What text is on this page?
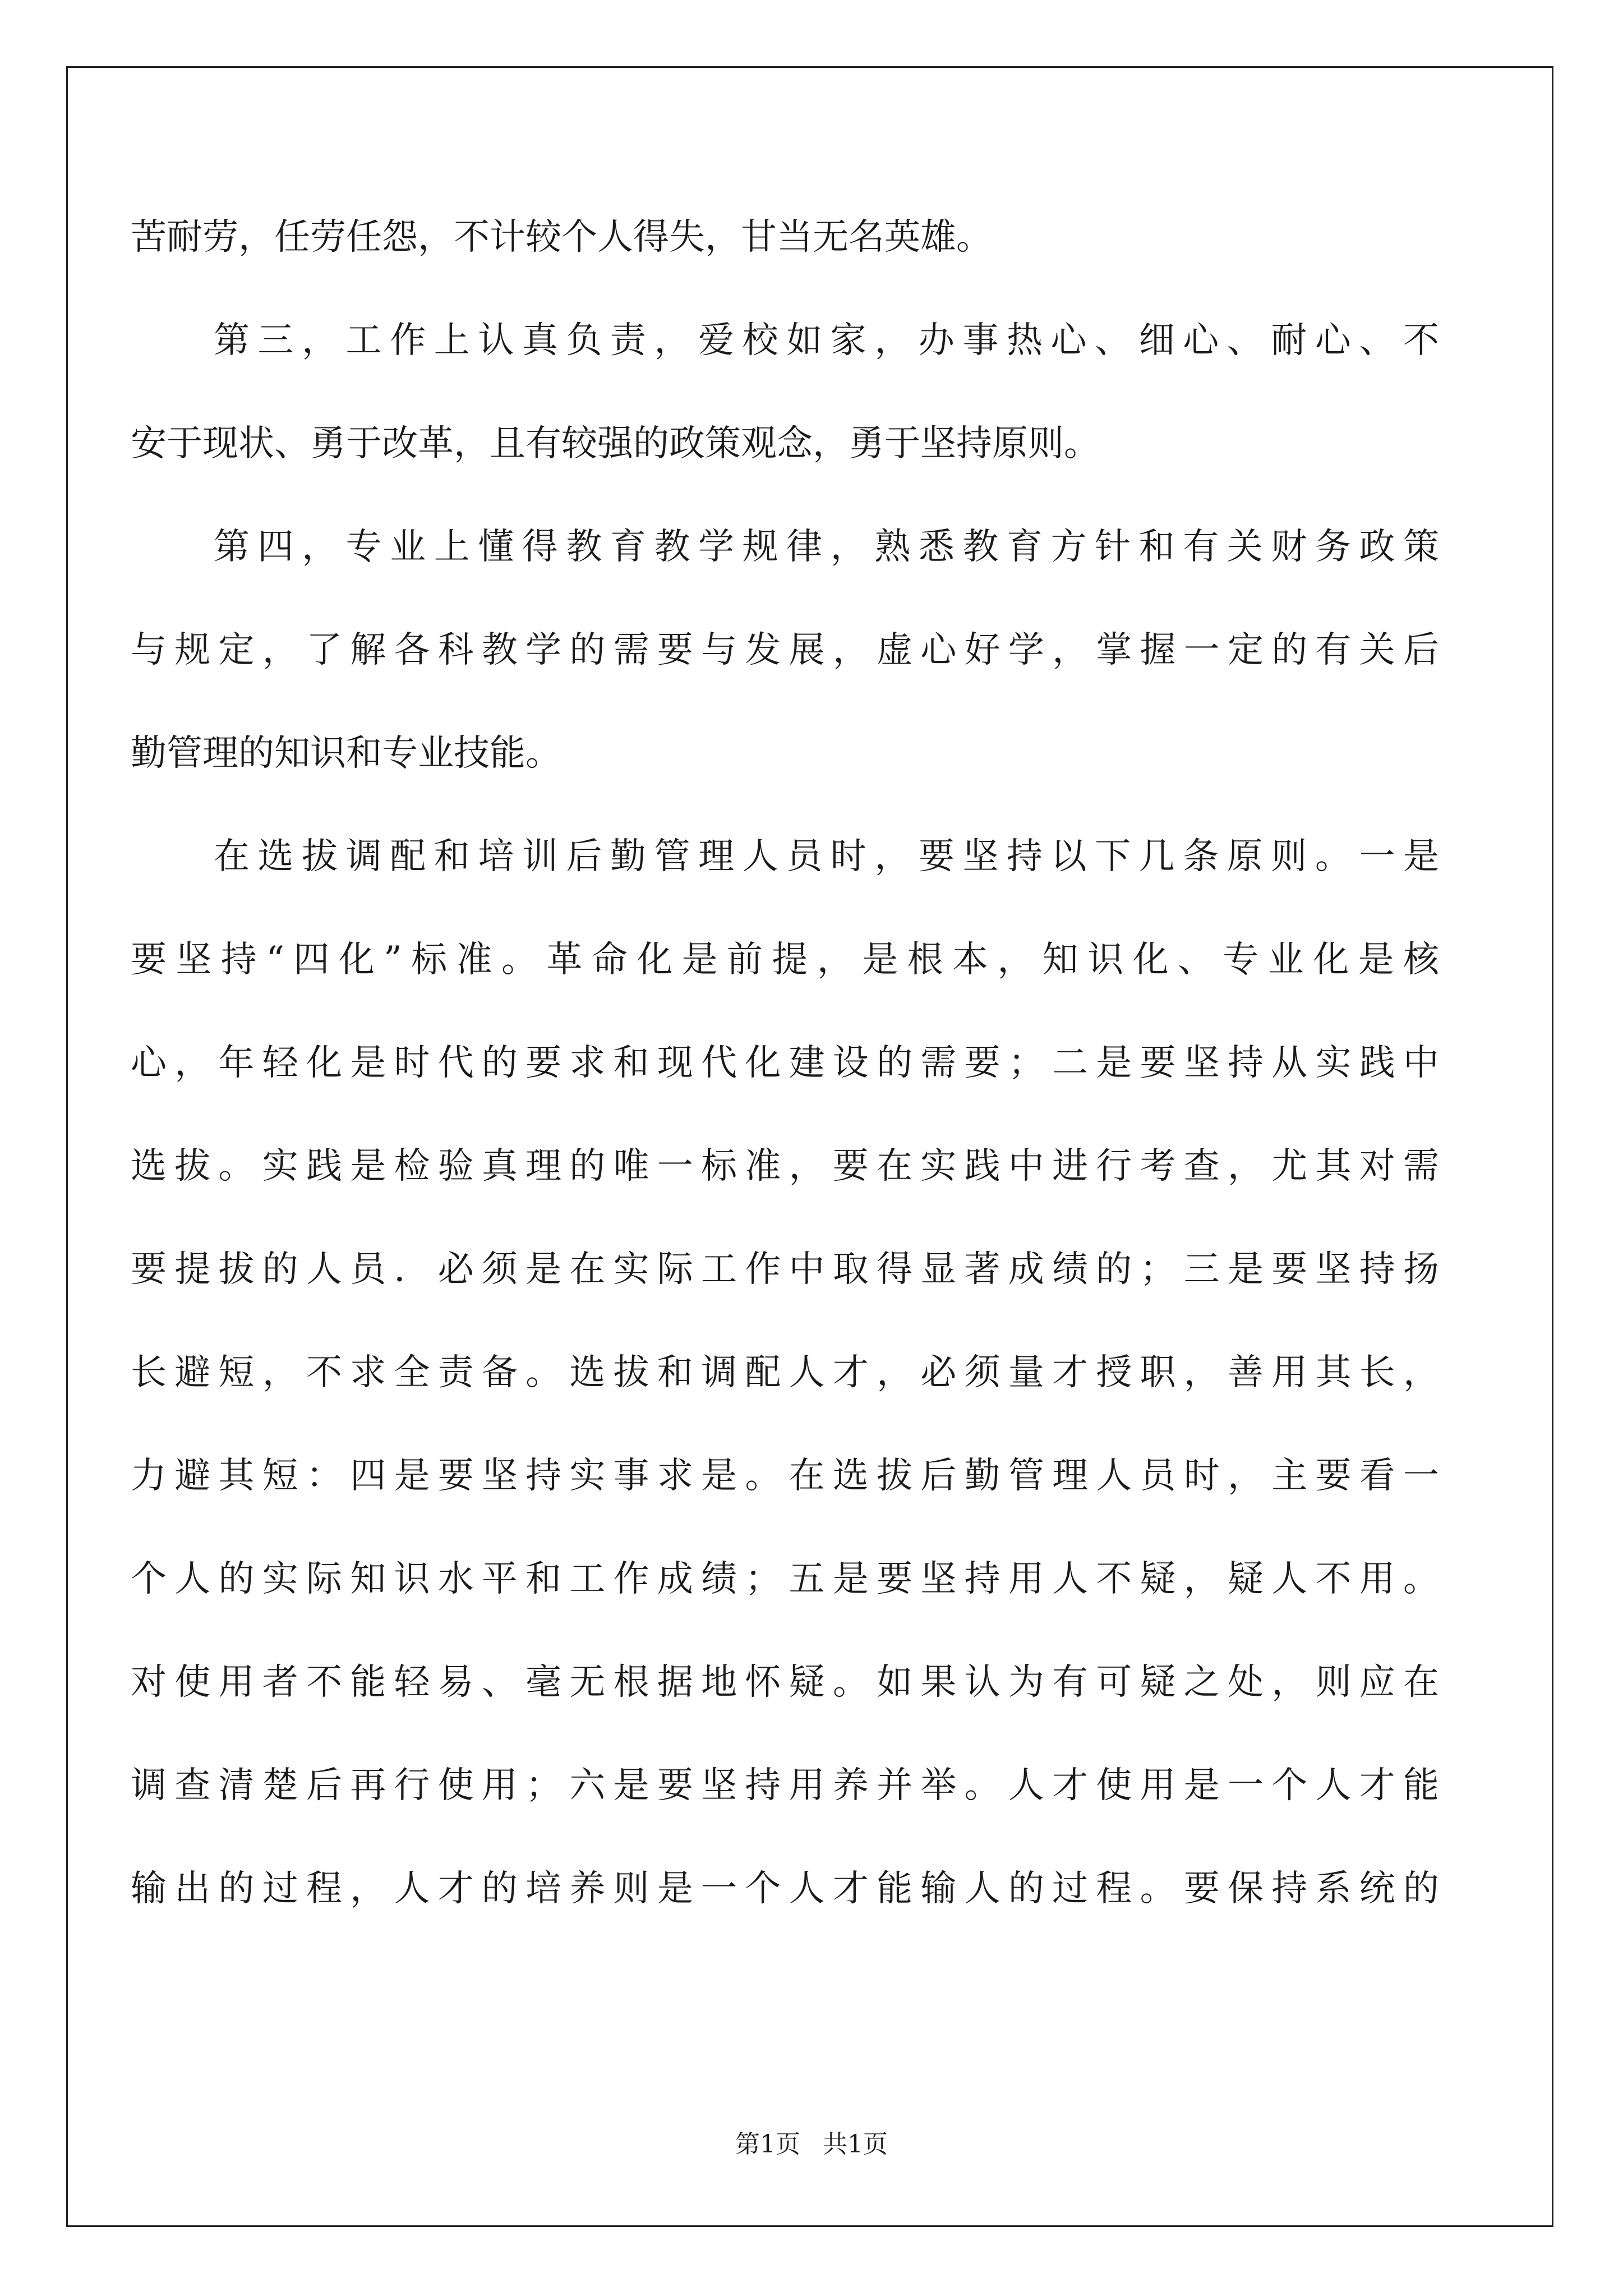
苦耐劳，任劳任怨，不计较个人得失，甘当无名英雄。
第三，工作上认真负责，爱校如家，办事热心、细心、耐心、不
安于现状、勇于改革，且有较强的政策观念，勇于坚持原则。
第四，专业上懂得教育教学规律，熟悉教育方针和有关财务政策
与规定，了解各科教学的需要与发展，虚心好学，掌握一定的有关后
勤管理的知识和专业技能。
在选拔调配和培训后勤管理人员时，要坚持以下几条原则。一是
要坚持“四化”标准。革命化是前提，是根本，知识化、专业化是核
心，年轻化是时代的要求和现代化建设的需要；二是要坚持从实践中
选拔。实践是检验真理的唯一标准，要在实践中进行考查，尤其对需
要提拔的人员．必须是在实际工作中取得显著成绩的；三是要坚持扬
长避短，不求全责备。选拔和调配人才，必须量才授职，善用其长，
力避其短：四是要坚持实事求是。在选拔后勤管理人员时，主要看一
个人的实际知识水平和工作成绩；五是要坚持用人不疑，疑人不用。
对使用者不能轻易、毫无根据地怀疑。如果认为有可疑之处，则应在
调查清楚后再行使用；六是要坚持用养并举。人才使用是一个人才能
输出的过程，人才的培养则是一个人才能输人的过程。要保持系统的
第1页 共1页
